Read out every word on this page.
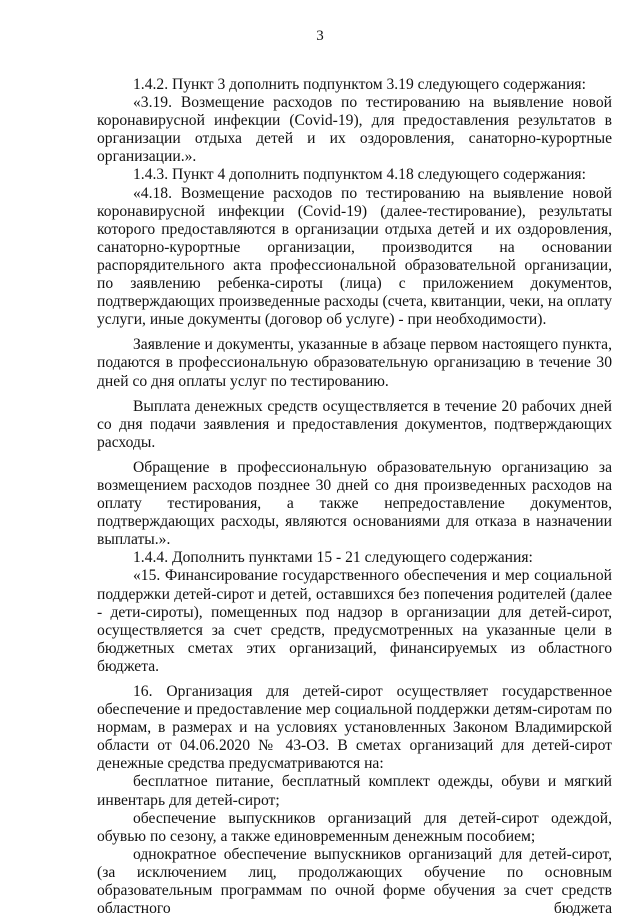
3

1.4.2. Пункт 3 дополнить подпунктом 3.19 следующего содержания:

«3.19. Возмещение расходов по тестированию на выявление новой коронавирусной инфекции (Covid-19), для предоставления результатов в организации отдыха детей и их оздоровления, санаторно-курортные организации.».

1.4.3. Пункт 4 дополнить подпунктом 4.18 следующего содержания:

«4.18. Возмещение расходов по тестированию на выявление новой коронавирусной инфекции (Covid-19) (далее-тестирование), результаты которого предоставляются в организации отдыха детей и их оздоровления, санаторно-курортные организации, производится на основании распорядительного акта профессиональной образовательной организации, по заявлению ребенка-сироты (лица) с приложением документов, подтверждающих произведенные расходы (счета, квитанции, чеки, на оплату услуги, иные документы (договор об услуге) - при необходимости).

Заявление и документы, указанные в абзаце первом настоящего пункта, подаются в профессиональную образовательную организацию в течение 30 дней со дня оплаты услуг по тестированию.

Выплата денежных средств осуществляется в течение 20 рабочих дней со дня подачи заявления и предоставления документов, подтверждающих расходы.

Обращение в профессиональную образовательную организацию за возмещением расходов позднее 30 дней со дня произведенных расходов на оплату тестирования, а также непредоставление документов, подтверждающих расходы, являются основаниями для отказа в назначении выплаты.».

1.4.4. Дополнить пунктами 15 - 21 следующего содержания:

«15. Финансирование государственного обеспечения и мер социальной поддержки детей-сирот и детей, оставшихся без попечения родителей (далее - дети-сироты), помещенных под надзор в организации для детей-сирот, осуществляется за счет средств, предусмотренных на указанные цели в бюджетных сметах этих организаций, финансируемых из областного бюджета.

16. Организация для детей-сирот осуществляет государственное обеспечение и предоставление мер социальной поддержки детям-сиротам по нормам, в размерах и на условиях установленных Законом Владимирской области от 04.06.2020 № 43-ОЗ. В сметах организаций для детей-сирот денежные средства предусматриваются на:

бесплатное питание, бесплатный комплект одежды, обуви и мягкий инвентарь для детей-сирот;

обеспечение выпускников организаций для детей-сирот одеждой, обувью по сезону, а также единовременным денежным пособием;

однократное обеспечение выпускников организаций для детей-сирот, (за исключением лиц, продолжающих обучение по основным образовательным программам по очной форме обучения за счет средств областного бюджета
